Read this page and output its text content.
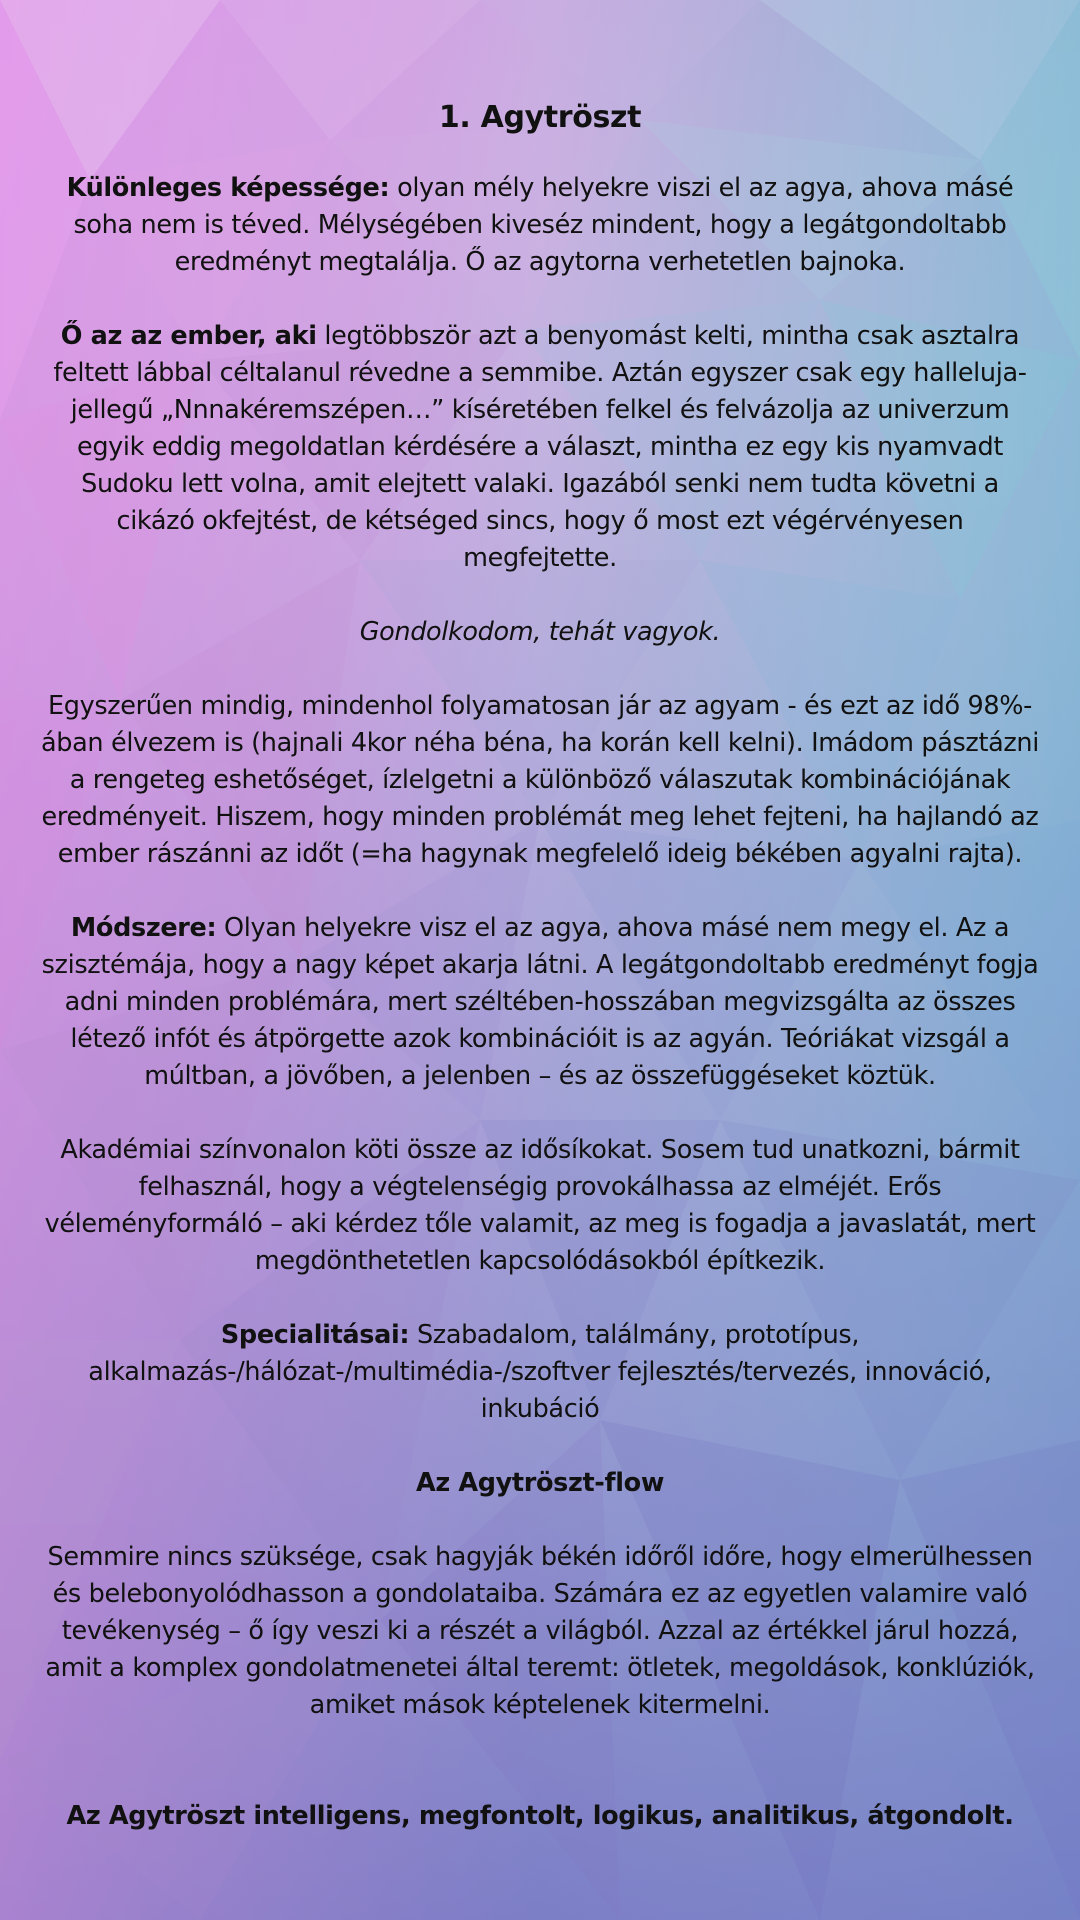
1. Agytröszt

Különleges képessége: olyan mély helyekre viszi el az agya, ahova másé soha nem is téved. Mélységében kiveséz mindent, hogy a legátgondoltabb eredményt megtalálja. Ő az agytorna verhetetlen bajnoka.

Ő az az ember, aki legtöbbször azt a benyomást kelti, mintha csak asztalra feltett lábbal céltalanul révedne a semmibe. Aztán egyszer csak egy halleluja-jellegű „Nnnakéremszépen…” kíséretében felkel és felvázolja az univerzum egyik eddig megoldatlan kérdésére a választ, mintha ez egy kis nyamvadt Sudoku lett volna, amit elejtett valaki. Igazából senki nem tudta követni a cikázó okfejtést, de kétséged sincs, hogy ő most ezt végérvényesen megfejtette.

Gondolkodom, tehát vagyok.

Egyszerűen mindig, mindenhol folyamatosan jár az agyam - és ezt az idő 98%-ában élvezem is (hajnali 4kor néha béna, ha korán kell kelni). Imádom pásztázni a rengeteg eshetőséget, ízlelgetni a különböző válaszutak kombinációjának eredményeit. Hiszem, hogy minden problémát meg lehet fejteni, ha hajlandó az ember rászánni az időt (=ha hagynak megfelelő ideig békében agyalni rajta).

Módszere: Olyan helyekre visz el az agya, ahova másé nem megy el. Az a szisztémája, hogy a nagy képet akarja látni. A legátgondoltabb eredményt fogja adni minden problémára, mert széltében-hosszában megvizsgálta az összes létező infót és átpörgette azok kombinációit is az agyán. Teóriákat vizsgál a múltban, a jövőben, a jelenben – és az összefüggéseket köztük.

Akadémiai színvonalon köti össze az idősíkokat. Sosem tud unatkozni, bármit felhasznál, hogy a végtelenségig provokálhassa az elméjét. Erős véleményformáló – aki kérdez tőle valamit, az meg is fogadja a javaslatát, mert megdönthetetlen kapcsolódásokból építkezik.

Specialitásai: Szabadalom, találmány, prototípus, alkalmazás-/hálózat-/multimédia-/szoftver fejlesztés/tervezés, innováció, inkubáció

Az Agytröszt-flow

Semmire nincs szüksége, csak hagyják békén időről időre, hogy elmerülhessen és belebonyolódhasson a gondolataiba. Számára ez az egyetlen valamire való tevékenység – ő így veszi ki a részét a világból. Azzal az értékkel járul hozzá, amit a komplex gondolatmenetei által teremt: ötletek, megoldások, konklúziók, amiket mások képtelenek kitermelni.

Az Agytröszt intelligens, megfontolt, logikus, analitikus, átgondolt.
